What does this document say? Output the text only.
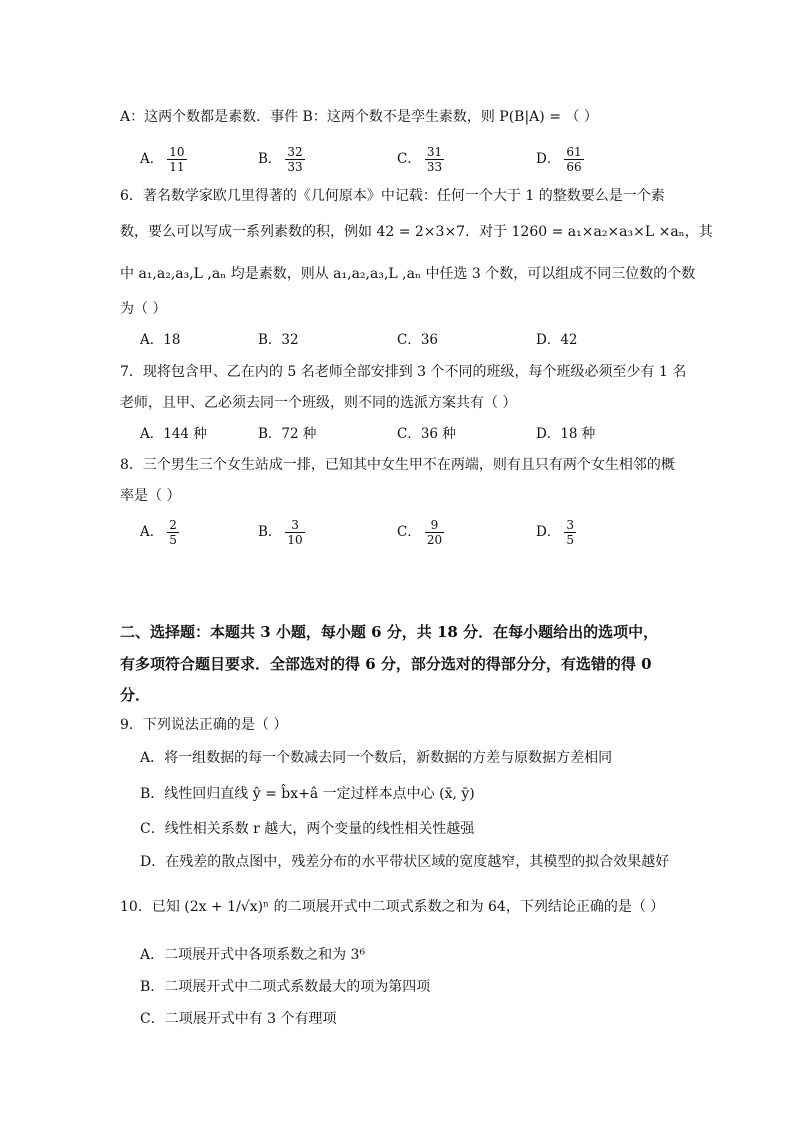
A：这两个数都是素数．事件 B：这两个数不是孪生素数，则 P(B|A) = （ ）
A． $\frac{10}{11}$	B． $\frac{32}{33}$	C． $\frac{31}{33}$	D． $\frac{61}{66}$
6．著名数学家欧几里得著的《几何原本》中记载：任何一个大于 1 的整数要么是一个素
数，要么可以写成一系列素数的积，例如 42 = 2×3×7．对于 1260 = a₁×a₂×a₃×L ×aₙ，其
中 a₁,a₂,a₃,L ,aₙ 均是素数，则从 a₁,a₂,a₃,L ,aₙ 中任选 3 个数，可以组成不同三位数的个数
为（ ）
A．18	B．32	C．36	D．42
7．现将包含甲、乙在内的 5 名老师全部安排到 3 个不同的班级，每个班级必须至少有 1 名
老师，且甲、乙必须去同一个班级，则不同的选派方案共有（ ）
A．144 种	B．72 种	C．36 种	D．18 种
8．三个男生三个女生站成一排，已知其中女生甲不在两端，则有且只有两个女生相邻的概
率是（ ）
A． $\frac{2}{5}$	B． $\frac{3}{10}$	C． $\frac{9}{20}$	D． $\frac{3}{5}$
二、选择题：本题共 3 小题，每小题 6 分，共 18 分．在每小题给出的选项中，
有多项符合题目要求．全部选对的得 6 分，部分选对的得部分分，有选错的得 0
分．
9．下列说法正确的是（ ）
A．将一组数据的每一个数减去同一个数后，新数据的方差与原数据方差相同
B．线性回归直线 ŷ = b̂x+â 一定过样本点中心 (x̄, ȳ)
C．线性相关系数 r 越大，两个变量的线性相关性越强
D．在残差的散点图中，残差分布的水平带状区域的宽度越窄，其模型的拟合效果越好
10．已知 (2x + 1/√x)ⁿ 的二项展开式中二项式系数之和为 64，下列结论正确的是（ ）
A．二项展开式中各项系数之和为 3⁶
B．二项展开式中二项式系数最大的项为第四项
C．二项展开式中有 3 个有理项
